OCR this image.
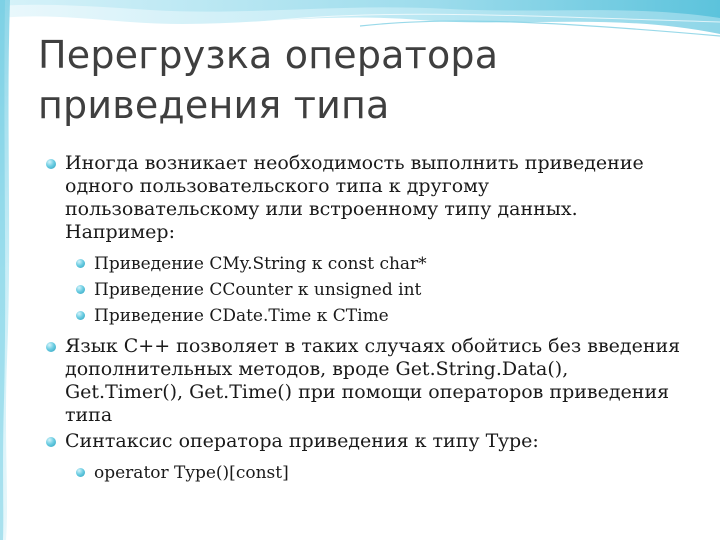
Перегрузка оператора приведения типа
Иногда возникает необходимость выполнить приведение одного пользовательского типа к другому пользовательскому или встроенному типу данных. Например:
Приведение CMy.String к const char*
Приведение CCounter к unsigned int
Приведение CDate.Time к CTime
Язык C++ позволяет в таких случаях обойтись без введения дополнительных методов, вроде Get.String.Data(), Get.Timer(), Get.Time() при помощи операторов приведения типа
Синтаксис оператора приведения к типу Type:
operator Type()[const]
